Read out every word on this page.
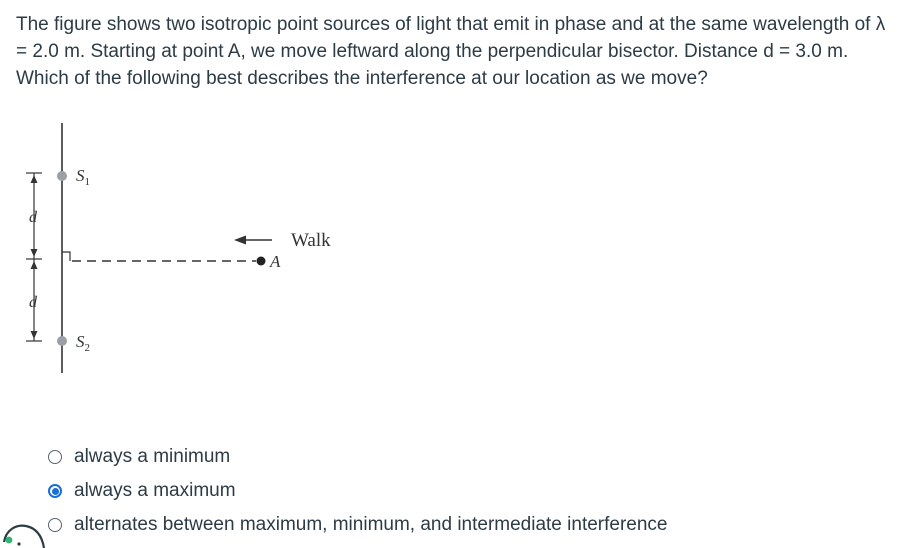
The figure shows two isotropic point sources of light that emit in phase and at the same wavelength of λ = 2.0 m. Starting at point A, we move leftward along the perpendicular bisector. Distance d = 3.0 m. Which of the following best describes the interference at our location as we move?
d
d
$S_1$
$S_2$
A
Walk
always a minimum
always a maximum
alternates between maximum, minimum, and intermediate interference
